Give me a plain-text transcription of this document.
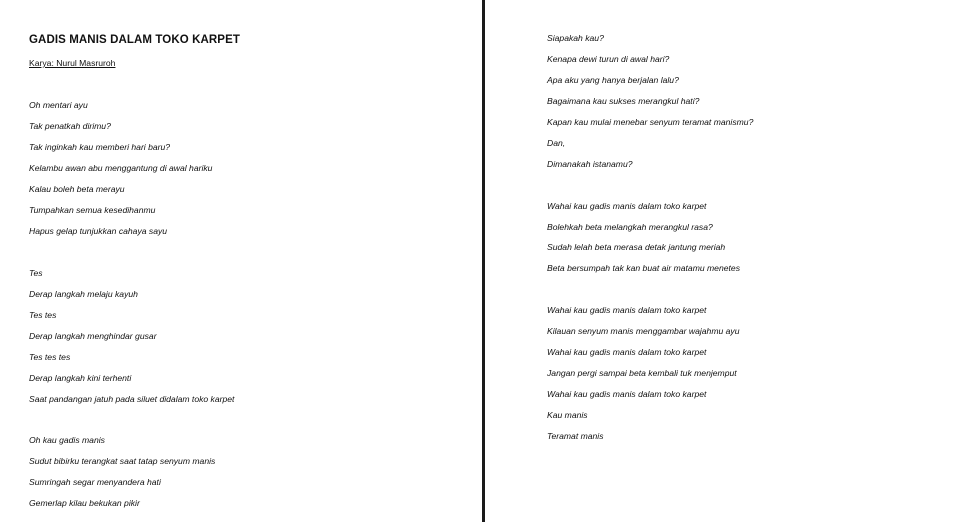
GADIS MANIS DALAM TOKO KARPET
Karya: Nurul Masruroh
Oh mentari ayu
Tak penatkah dirimu?
Tak inginkah kau memberi hari baru?
Kelambu awan abu menggantung di awal hariku
Kalau boleh beta merayu
Tumpahkan semua kesedihanmu
Hapus gelap tunjukkan cahaya sayu
Tes
Derap langkah melaju kayuh
Tes tes
Derap langkah menghindar gusar
Tes tes tes
Derap langkah kini terhenti
Saat pandangan jatuh pada siluet didalam toko karpet
Oh kau gadis manis
Sudut bibirku terangkat saat tatap senyum manis
Sumringah segar menyandera hati
Gemerlap kilau bekukan pikir
Siapakah kau?
Kenapa dewi turun di awal hari?
Apa aku yang hanya berjalan lalu?
Bagaimana kau sukses merangkul hati?
Kapan kau mulai menebar senyum teramat manismu?
Dan,
Dimanakah istanamu?
Wahai kau gadis manis dalam toko karpet
Bolehkah beta melangkah merangkul rasa?
Sudah lelah beta merasa detak jantung meriah
Beta bersumpah tak kan buat air matamu menetes
Wahai kau gadis manis dalam toko karpet
Kilauan senyum manis menggambar wajahmu ayu
Wahai kau gadis manis dalam toko karpet
Jangan pergi sampai beta kembali tuk menjemput
Wahai kau gadis manis dalam toko karpet
Kau manis
Teramat manis
